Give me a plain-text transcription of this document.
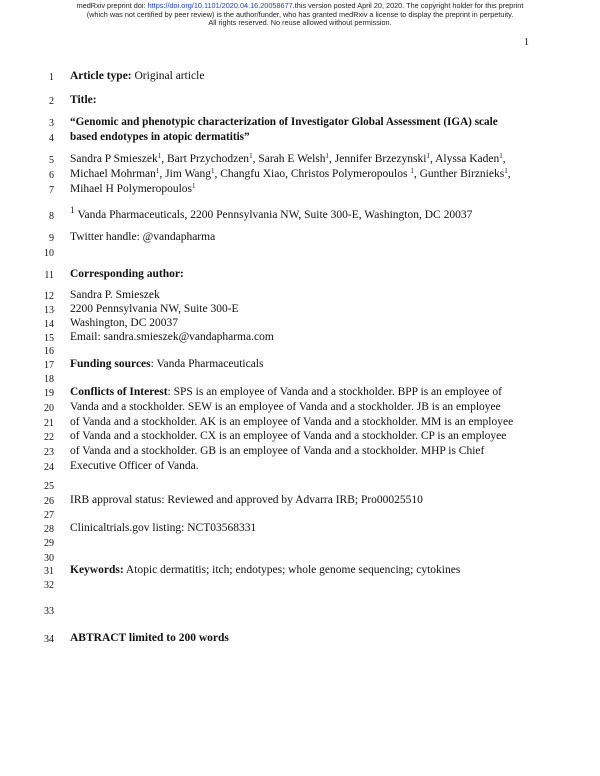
medRxiv preprint doi: https://doi.org/10.1101/2020.04.16.20058677.this version posted April 20, 2020. The copyright holder for this preprint
(which was not certified by peer review) is the author/funder, who has granted medRxiv a license to display the preprint in perpetuity.
All rights reserved. No reuse allowed without permission.
1
1
2
3
4
5
6
7
8
9
10
11
12
13
14
15
16
17
18
19
20
21
22
23
24
25
26
27
28
29
30
31
32
33
34
Article type: Original article
Title:
“Genomic and phenotypic characterization of Investigator Global Assessment (IGA) scale
based endotypes in atopic dermatitis”
Sandra P Smieszek$^1$, Bart Przychodzen$^1$, Sarah E Welsh$^1$, Jennifer Brzezynski$^1$, Alyssa Kaden$^1$,
Michael Mohrman$^1$, Jim Wang$^1$, Changfu Xiao, Christos Polymeropoulos $^1$, Gunther Birznieks$^1$,
Mihael H Polymeropoulos$^1$
$^1$ Vanda Pharmaceuticals, 2200 Pennsylvania NW, Suite 300-E, Washington, DC 20037
Twitter handle: @vandapharma
Corresponding author:
Sandra P. Smieszek
2200 Pennsylvania NW, Suite 300-E
Washington, DC 20037
Email: sandra.smieszek@vandapharma.com
Funding sources: Vanda Pharmaceuticals
Conflicts of Interest: SPS is an employee of Vanda and a stockholder. BPP is an employee of
Vanda and a stockholder. SEW is an employee of Vanda and a stockholder. JB is an employee
of Vanda and a stockholder. AK is an employee of Vanda and a stockholder. MM is an employee
of Vanda and a stockholder. CX is an employee of Vanda and a stockholder. CP is an employee
of Vanda and a stockholder. GB is an employee of Vanda and a stockholder. MHP is Chief
Executive Officer of Vanda.
IRB approval status: Reviewed and approved by Advarra IRB; Pro00025510
Clinicaltrials.gov listing: NCT03568331
Keywords: Atopic dermatitis; itch; endotypes; whole genome sequencing; cytokines
ABTRACT limited to 200 words
